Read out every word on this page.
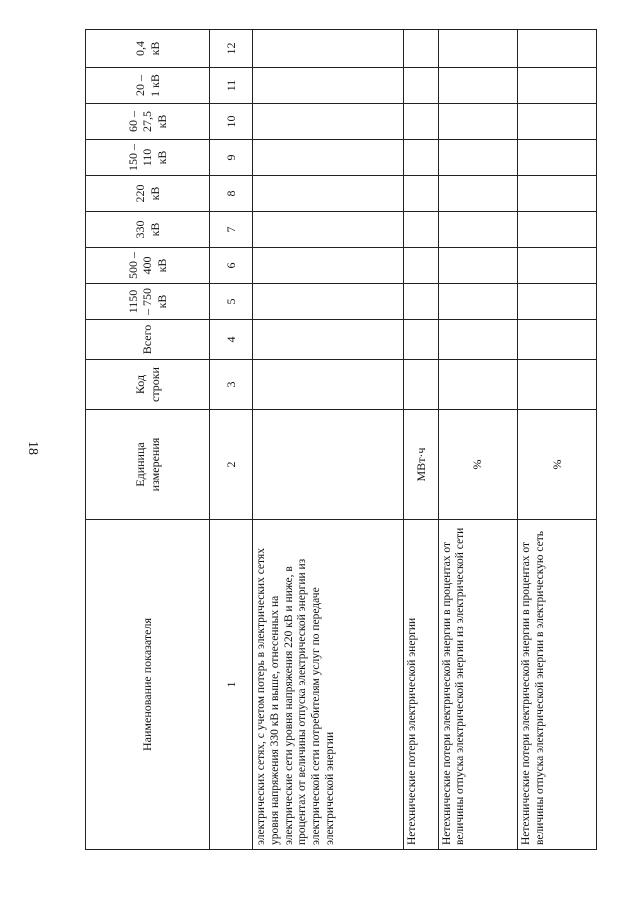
18
Наименование показателя	Единица измерения	Код строки	Всего	1150 – 750 кВ	500 – 400 кВ	330 кВ	220 кВ	150 – 110 кВ	60 – 27,5 кВ	20 – 1 кВ	0,4 кВ
1	2	3	4	5	6	7	8	9	10	11	12
электрических сетях, с учетом потерь в электрических сетях уровня напряжения 330 кВ и выше, отнесенных на электрические сети уровня напряжения 220 кВ и ниже, в процентах от величины отпуска электрической энергии из электрической сети потребителям услуг по передаче электрической энергии											
Нетехнические потери электрической энергии	МВт·ч										
Нетехнические потери электрической энергии в процентах от величины отпуска электрической энергии из электрической сети	%										
Нетехнические потери электрической энергии в процентах от величины отпуска электрической энергии в электрическую сеть	%										
